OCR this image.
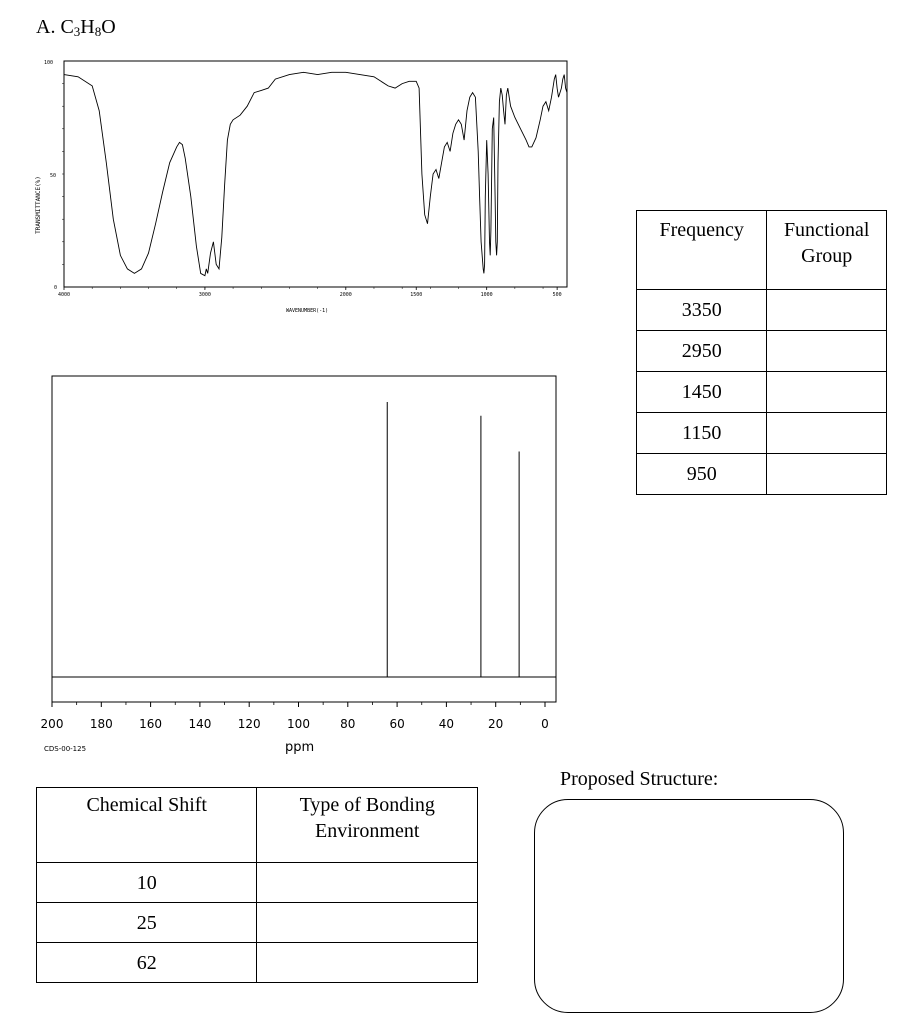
A. $C_3H_8O$
TRANSMITTANCE(%)
100
50
0
4000	3000	2000	1500	1000	500
WAVENUMBER(-1)
200 180 160 140 120 100	80	60	40	20	0
ppm
CDS-00-125
Frequency	Functional
Group
3350	
2950	
1450	
1150	
950	
Chemical Shift	Type of Bonding
Environment
10	
25	
62	
Proposed Structure:
